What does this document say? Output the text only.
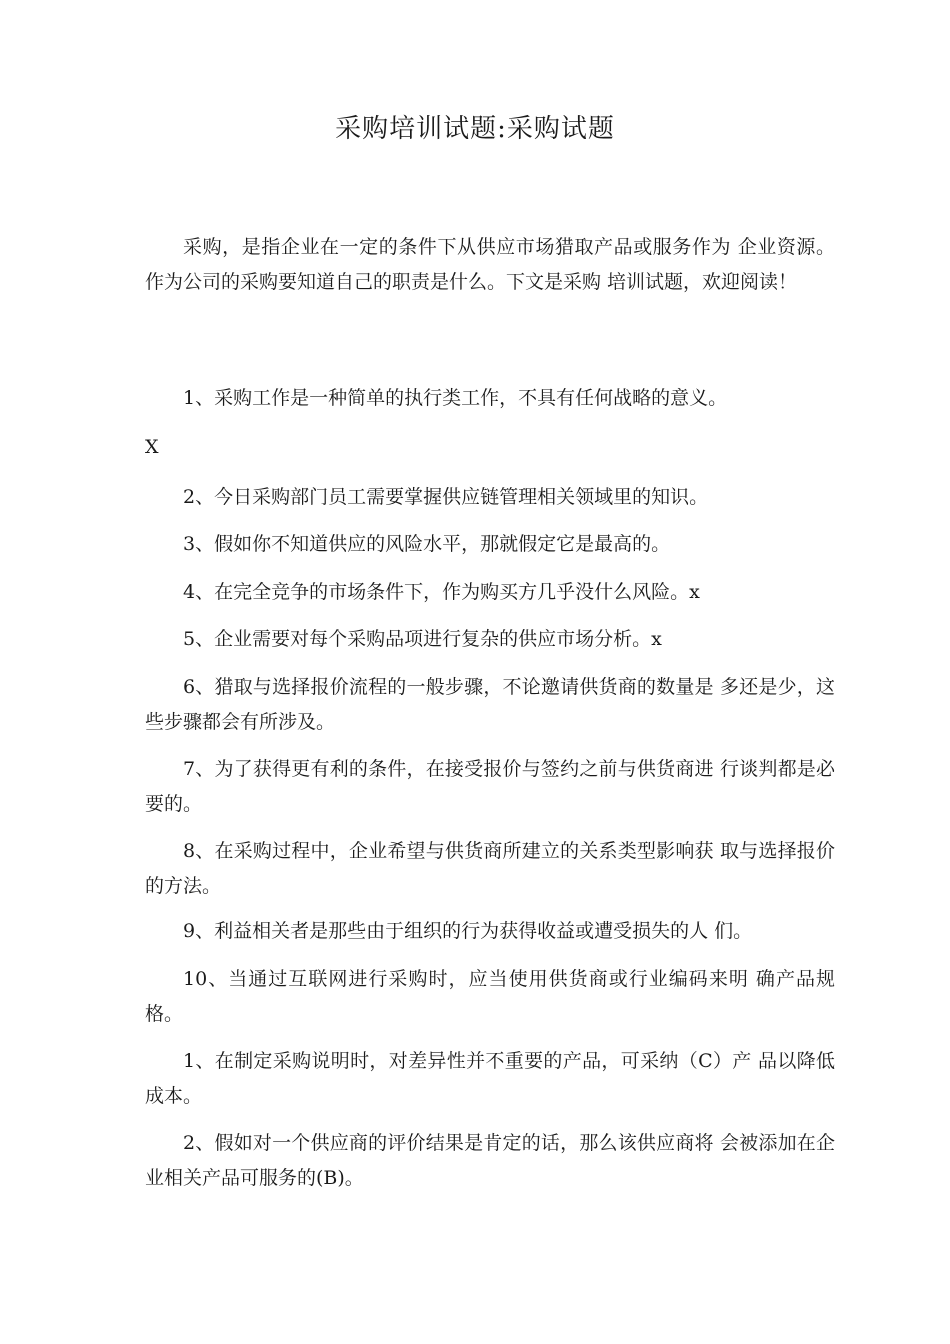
采购培训试题:采购试题
采购，是指企业在一定的条件下从供应市场猎取产品或服务作为 企业资源。作为公司的采购要知道自己的职责是什么。下文是采购 培训试题，欢迎阅读！
1、采购工作是一种简单的执行类工作，不具有任何战略的意义。
X
2、今日采购部门员工需要掌握供应链管理相关领域里的知识。
3、假如你不知道供应的风险水平，那就假定它是最高的。
4、在完全竞争的市场条件下，作为购买方几乎没什么风险。x
5、企业需要对每个采购品项进行复杂的供应市场分析。x
6、猎取与选择报价流程的一般步骤，不论邀请供货商的数量是 多还是少，这些步骤都会有所涉及。
7、为了获得更有利的条件，在接受报价与签约之前与供货商进 行谈判都是必要的。
8、在采购过程中，企业希望与供货商所建立的关系类型影响获 取与选择报价的方法。
9、利益相关者是那些由于组织的行为获得收益或遭受损失的人 们。
10、当通过互联网进行采购时，应当使用供货商或行业编码来明 确产品规格。
1、在制定采购说明时，对差异性并不重要的产品，可采纳（C）产 品以降低成本。
2、假如对一个供应商的评价结果是肯定的话，那么该供应商将 会被添加在企业相关产品可服务的(B)。
